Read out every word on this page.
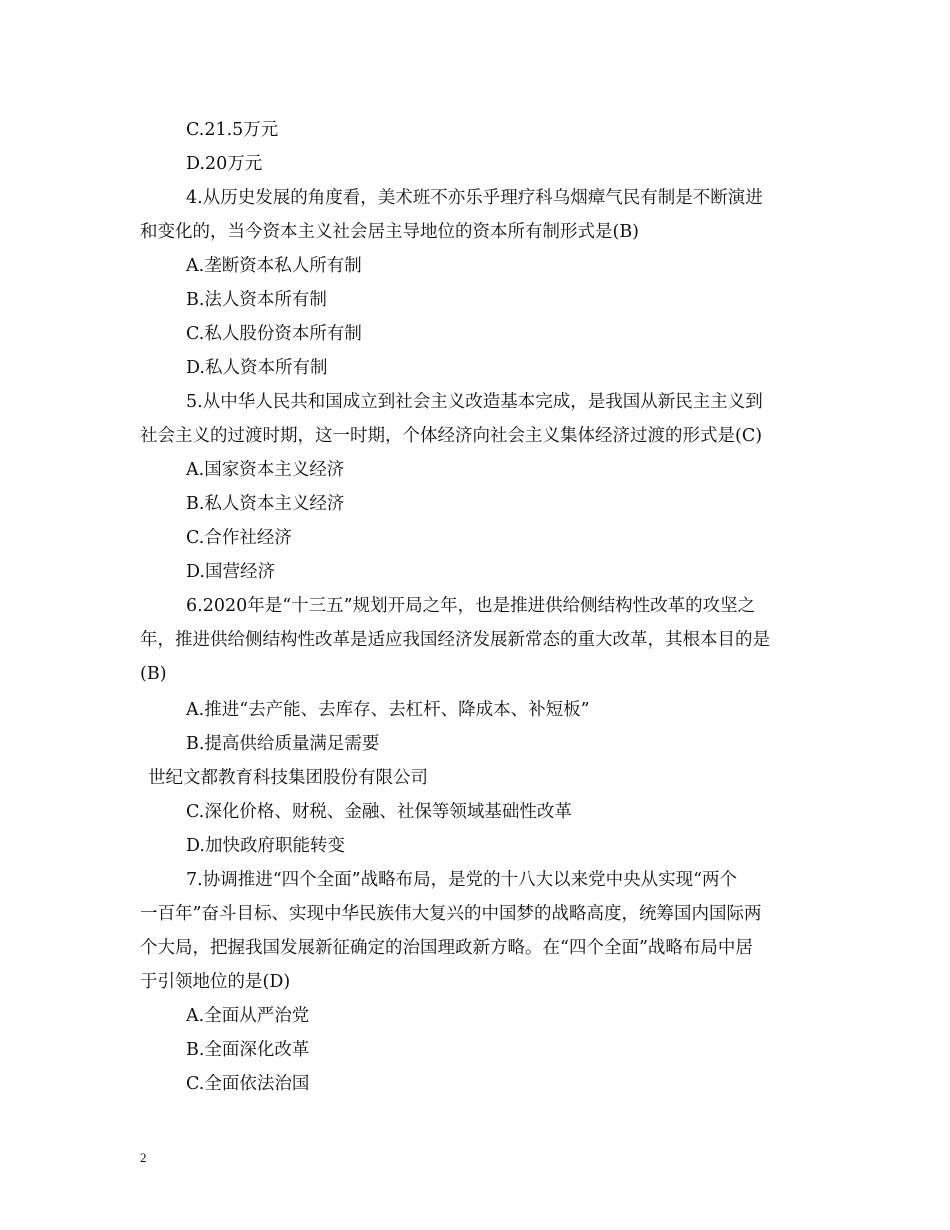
C.21.5万元
D.20万元
4.从历史发展的角度看，美术班不亦乐乎理疗科乌烟瘴气民有制是不断演进
和变化的，当今资本主义社会居主导地位的资本所有制形式是(B)
A.垄断资本私人所有制
B.法人资本所有制
C.私人股份资本所有制
D.私人资本所有制
5.从中华人民共和国成立到社会主义改造基本完成，是我国从新民主主义到
社会主义的过渡时期，这一时期，个体经济向社会主义集体经济过渡的形式是(C)
A.国家资本主义经济
B.私人资本主义经济
C.合作社经济
D.国营经济
6.2020年是“十三五”规划开局之年，也是推进供给侧结构性改革的攻坚之
年，推进供给侧结构性改革是适应我国经济发展新常态的重大改革，其根本目的是
(B)
A.推进“去产能、去库存、去杠杆、降成本、补短板”
B.提高供给质量满足需要
世纪文都教育科技集团股份有限公司
C.深化价格、财税、金融、社保等领域基础性改革
D.加快政府职能转变
7.协调推进“四个全面”战略布局，是党的十八大以来党中央从实现“两个
一百年”奋斗目标、实现中华民族伟大复兴的中国梦的战略高度，统筹国内国际两
个大局，把握我国发展新征确定的治国理政新方略。在“四个全面”战略布局中居
于引领地位的是(D)
A.全面从严治党
B.全面深化改革
C.全面依法治国
2
